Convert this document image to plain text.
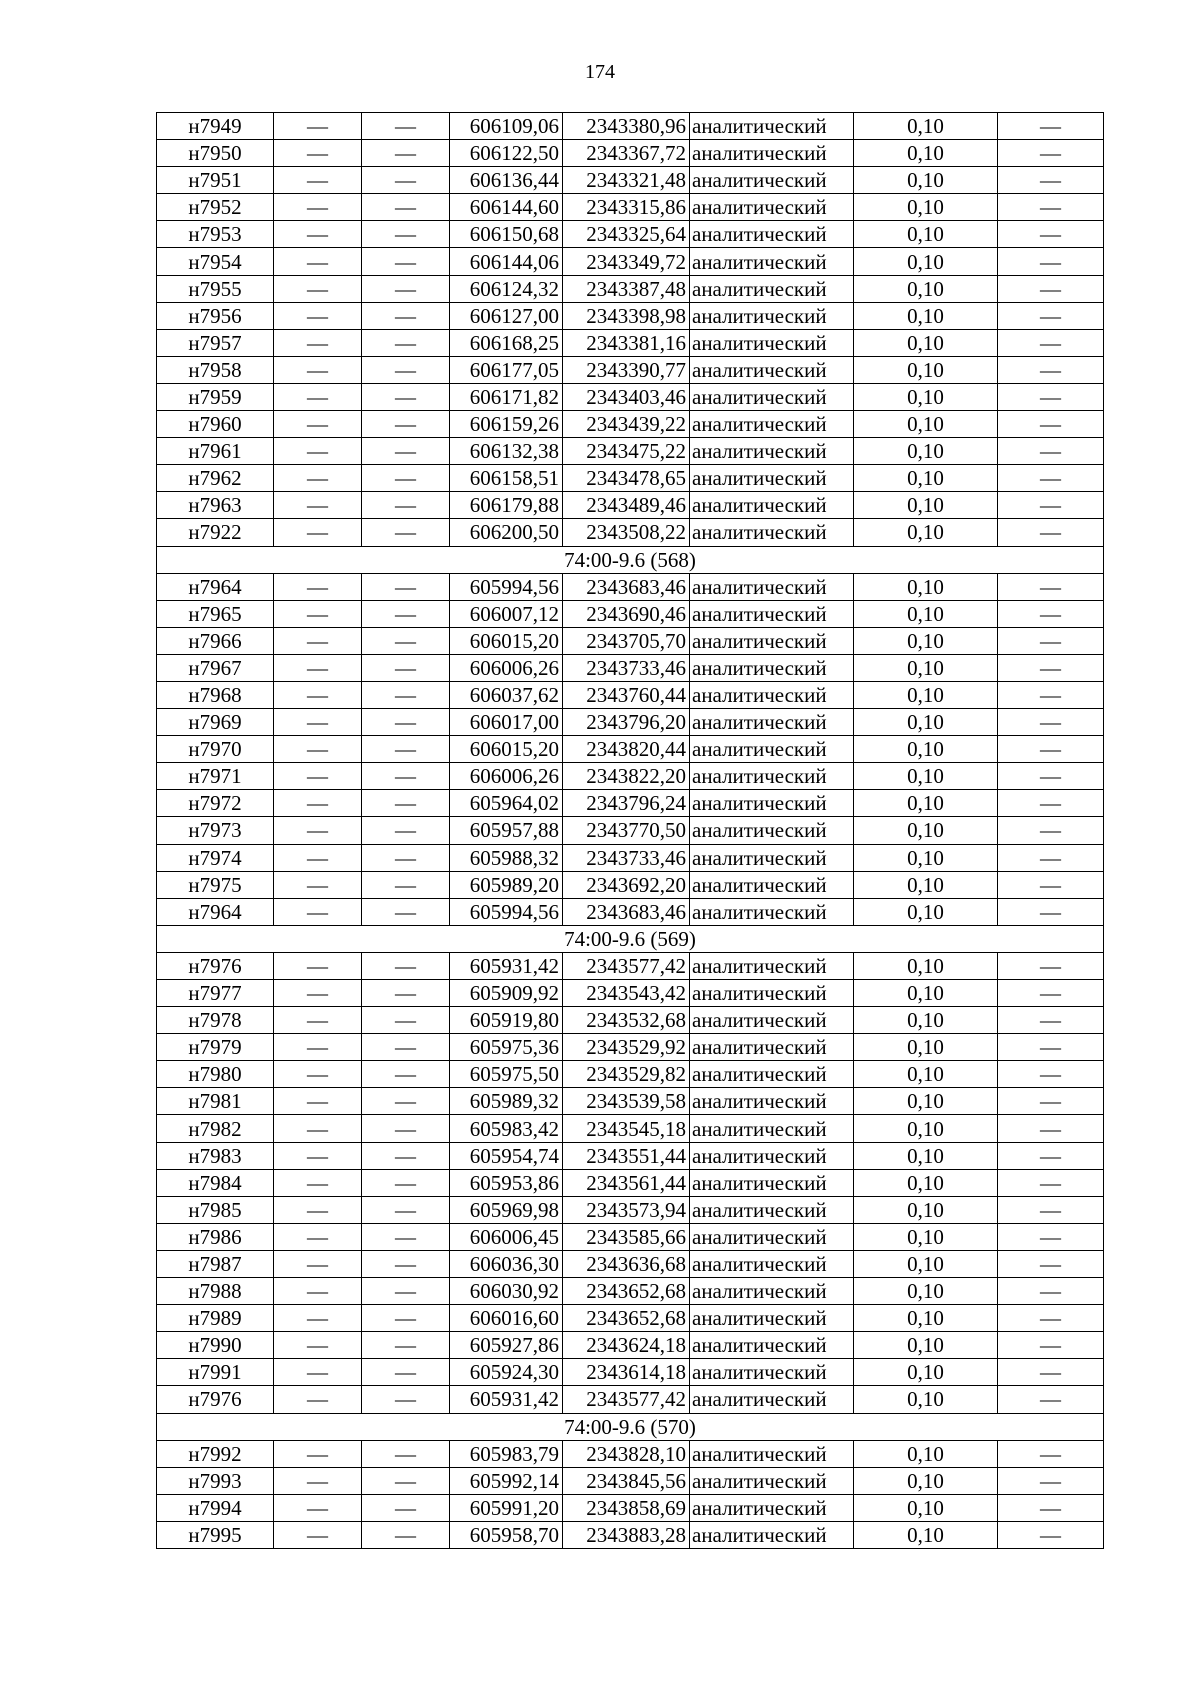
174
н7949	—	—	606109,06	2343380,96	аналитический	0,10	—
н7950	—	—	606122,50	2343367,72	аналитический	0,10	—
н7951	—	—	606136,44	2343321,48	аналитический	0,10	—
н7952	—	—	606144,60	2343315,86	аналитический	0,10	—
н7953	—	—	606150,68	2343325,64	аналитический	0,10	—
н7954	—	—	606144,06	2343349,72	аналитический	0,10	—
н7955	—	—	606124,32	2343387,48	аналитический	0,10	—
н7956	—	—	606127,00	2343398,98	аналитический	0,10	—
н7957	—	—	606168,25	2343381,16	аналитический	0,10	—
н7958	—	—	606177,05	2343390,77	аналитический	0,10	—
н7959	—	—	606171,82	2343403,46	аналитический	0,10	—
н7960	—	—	606159,26	2343439,22	аналитический	0,10	—
н7961	—	—	606132,38	2343475,22	аналитический	0,10	—
н7962	—	—	606158,51	2343478,65	аналитический	0,10	—
н7963	—	—	606179,88	2343489,46	аналитический	0,10	—
н7922	—	—	606200,50	2343508,22	аналитический	0,10	—
74:00-9.6 (568)							
н7964	—	—	605994,56	2343683,46	аналитический	0,10	—
н7965	—	—	606007,12	2343690,46	аналитический	0,10	—
н7966	—	—	606015,20	2343705,70	аналитический	0,10	—
н7967	—	—	606006,26	2343733,46	аналитический	0,10	—
н7968	—	—	606037,62	2343760,44	аналитический	0,10	—
н7969	—	—	606017,00	2343796,20	аналитический	0,10	—
н7970	—	—	606015,20	2343820,44	аналитический	0,10	—
н7971	—	—	606006,26	2343822,20	аналитический	0,10	—
н7972	—	—	605964,02	2343796,24	аналитический	0,10	—
н7973	—	—	605957,88	2343770,50	аналитический	0,10	—
н7974	—	—	605988,32	2343733,46	аналитический	0,10	—
н7975	—	—	605989,20	2343692,20	аналитический	0,10	—
н7964	—	—	605994,56	2343683,46	аналитический	0,10	—
74:00-9.6 (569)							
н7976	—	—	605931,42	2343577,42	аналитический	0,10	—
н7977	—	—	605909,92	2343543,42	аналитический	0,10	—
н7978	—	—	605919,80	2343532,68	аналитический	0,10	—
н7979	—	—	605975,36	2343529,92	аналитический	0,10	—
н7980	—	—	605975,50	2343529,82	аналитический	0,10	—
н7981	—	—	605989,32	2343539,58	аналитический	0,10	—
н7982	—	—	605983,42	2343545,18	аналитический	0,10	—
н7983	—	—	605954,74	2343551,44	аналитический	0,10	—
н7984	—	—	605953,86	2343561,44	аналитический	0,10	—
н7985	—	—	605969,98	2343573,94	аналитический	0,10	—
н7986	—	—	606006,45	2343585,66	аналитический	0,10	—
н7987	—	—	606036,30	2343636,68	аналитический	0,10	—
н7988	—	—	606030,92	2343652,68	аналитический	0,10	—
н7989	—	—	606016,60	2343652,68	аналитический	0,10	—
н7990	—	—	605927,86	2343624,18	аналитический	0,10	—
н7991	—	—	605924,30	2343614,18	аналитический	0,10	—
н7976	—	—	605931,42	2343577,42	аналитический	0,10	—
74:00-9.6 (570)							
н7992	—	—	605983,79	2343828,10	аналитический	0,10	—
н7993	—	—	605992,14	2343845,56	аналитический	0,10	—
н7994	—	—	605991,20	2343858,69	аналитический	0,10	—
н7995	—	—	605958,70	2343883,28	аналитический	0,10	—
